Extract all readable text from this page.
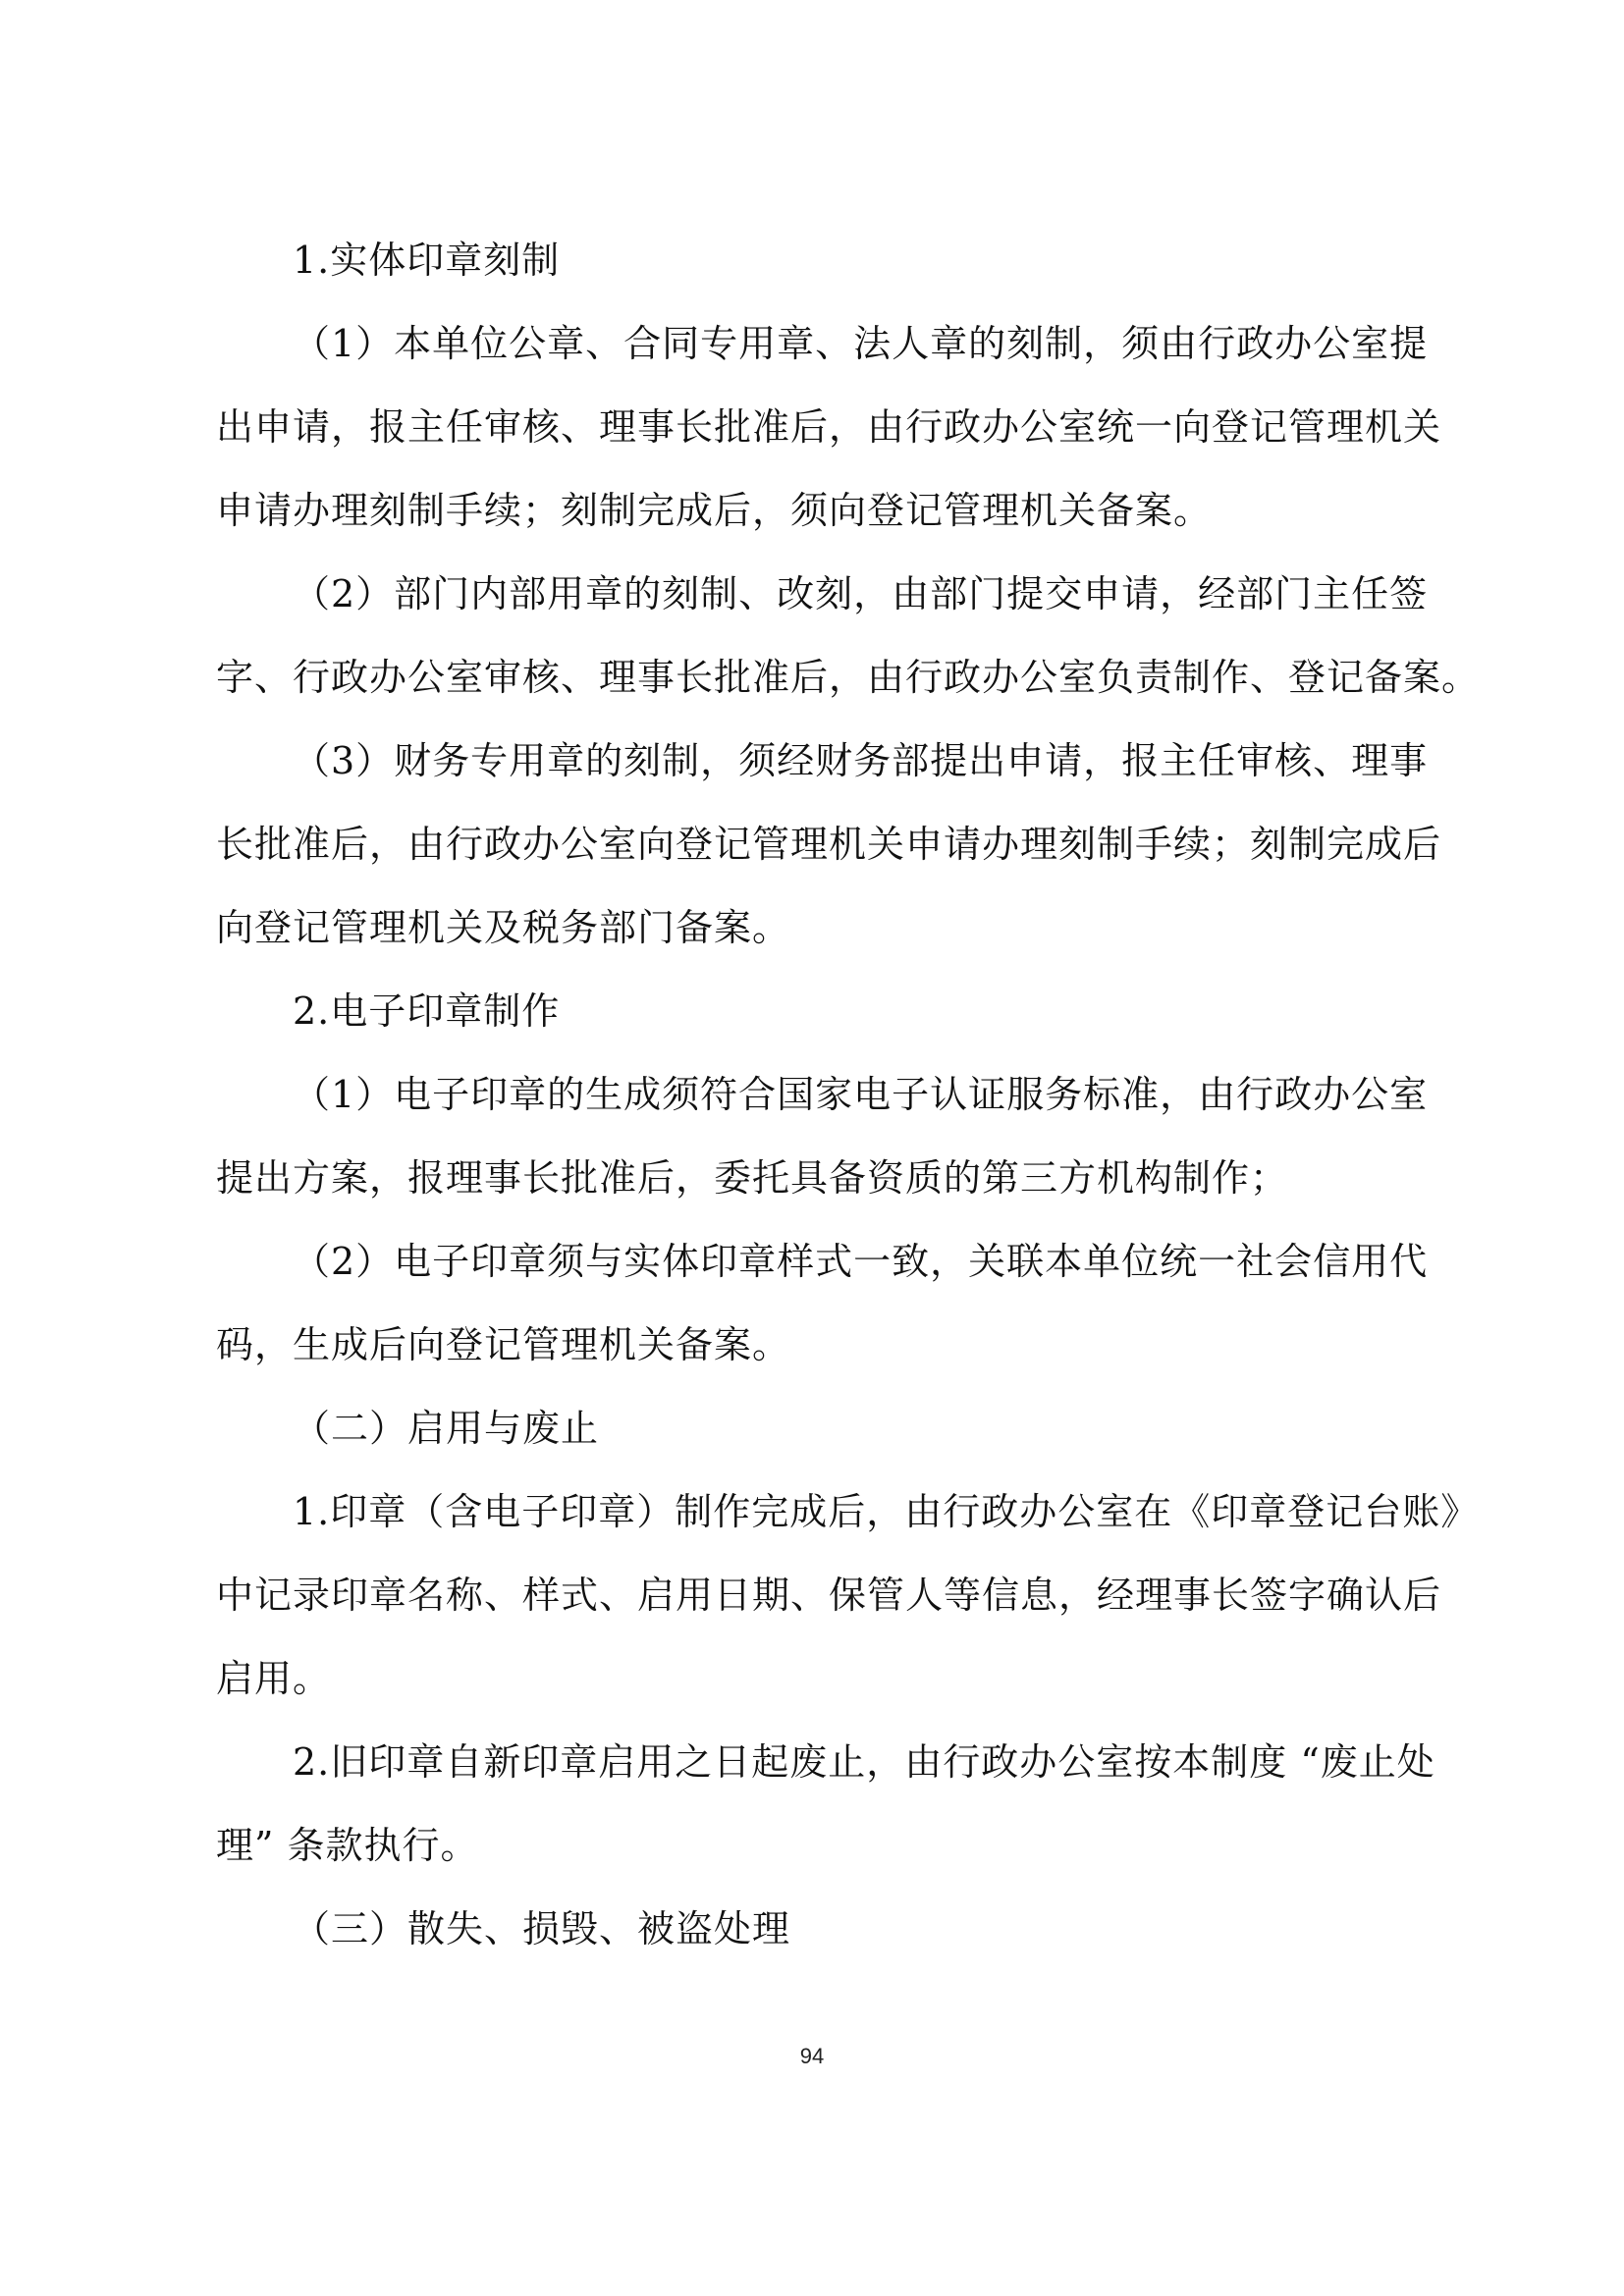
1.实体印章刻制
（1）本单位公章、合同专用章、法人章的刻制，须由行政办公室提
出申请，报主任审核、理事长批准后，由行政办公室统一向登记管理机关
申请办理刻制手续；刻制完成后，须向登记管理机关备案。
（2）部门内部用章的刻制、改刻，由部门提交申请，经部门主任签
字、行政办公室审核、理事长批准后，由行政办公室负责制作、登记备案。
（3）财务专用章的刻制，须经财务部提出申请，报主任审核、理事
长批准后，由行政办公室向登记管理机关申请办理刻制手续；刻制完成后
向登记管理机关及税务部门备案。
2.电子印章制作
（1）电子印章的生成须符合国家电子认证服务标准，由行政办公室
提出方案，报理事长批准后，委托具备资质的第三方机构制作；
（2）电子印章须与实体印章样式一致，关联本单位统一社会信用代
码，生成后向登记管理机关备案。
（二）启用与废止
1.印章（含电子印章）制作完成后，由行政办公室在《印章登记台账》
中记录印章名称、样式、启用日期、保管人等信息，经理事长签字确认后
启用。
2.旧印章自新印章启用之日起废止，由行政办公室按本制度 “废止处
理” 条款执行。
（三）散失、损毁、被盗处理
94
